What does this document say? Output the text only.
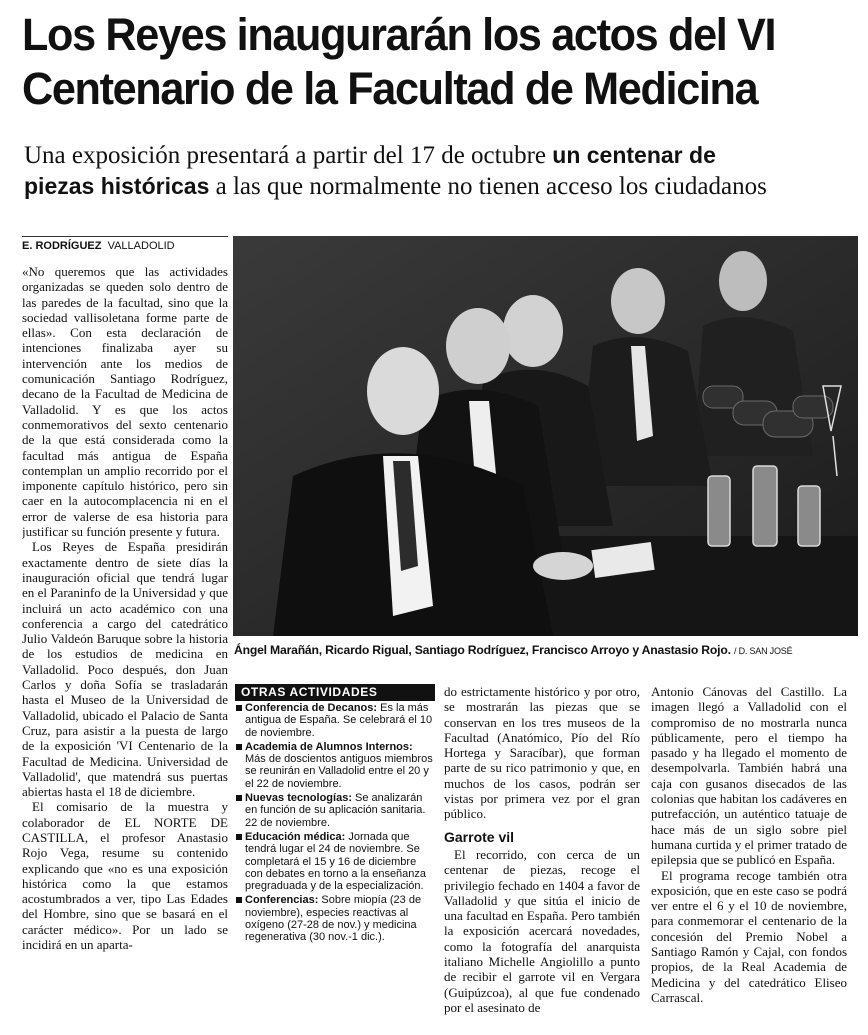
Los Reyes inaugurarán los actos del VI
Centenario de la Facultad de Medicina
Una exposición presentará a partir del 17 de octubre un centenar de
piezas históricas a las que normalmente no tienen acceso los ciudadanos
E. RODRÍGUEZ VALLADOLID

«No queremos que las actividades organizadas se queden solo dentro de las paredes de la facultad, sino que la sociedad vallisoletana forme parte de ellas». Con esta declaración de intenciones finalizaba ayer su intervención ante los medios de comunicación Santiago Rodríguez, decano de la Facultad de Medicina de Valladolid. Y es que los actos conmemorativos del sexto centenario de la que está considerada como la facultad más antigua de España contemplan un amplio recorrido por el imponente capítulo histórico, pero sin caer en la autocomplacencia ni en el error de valerse de esa historia para justificar su función presente y futura.

Los Reyes de España presidirán exactamente dentro de siete días la inauguración oficial que tendrá lugar en el Paraninfo de la Universidad y que incluirá un acto académico con una conferencia a cargo del catedrático Julio Valdeón Baruque sobre la historia de los estudios de medicina en Valladolid. Poco después, don Juan Carlos y doña Sofía se trasladarán hasta el Museo de la Universidad de Valladolid, ubicado el Palacio de Santa Cruz, para asistir a la puesta de largo de la exposición 'VI Centenario de la Facultad de Medicina. Universidad de Valladolid', que matendrá sus puertas abiertas hasta el 18 de diciembre.

El comisario de la muestra y colaborador de EL NORTE DE CASTILLA, el profesor Anastasio Rojo Vega, resume su contenido explicando que «no es una exposición histórica como la que estamos acostumbrados a ver, tipo Las Edades del Hombre, sino que se basará en el carácter médico». Por un lado se incidirá en un aparta-

Ángel Marañán, Ricardo Rigual, Santiago Rodríguez, Francisco Arroyo y Anastasio Rojo. / D. SAN JOSÉ
OTRAS ACTIVIDADES
Conferencia de Decanos: Es la más antigua de España. Se celebrará el 10 de noviembre.
Academia de Alumnos Internos: Más de doscientos antiguos miembros se reunirán en Valladolid entre el 20 y el 22 de noviembre.
Nuevas tecnologías: Se analizarán en función de su aplicación sanitaria. 22 de noviembre.
Educación médica: Jornada que tendrá lugar el 24 de noviembre. Se completará el 15 y 16 de diciembre con debates en torno a la enseñanza pregraduada y de la especialización.
Conferencias: Sobre miopía (23 de noviembre), especies reactivas al oxígeno (27-28 de nov.) y medicina regenerativa (30 nov.-1 dic.).

do estrictamente histórico y por otro, se mostrarán las piezas que se conservan en los tres museos de la Facultad (Anatómico, Pío del Río Hortega y Saracíbar), que forman parte de su rico patrimonio y que, en muchos de los casos, podrán ser vistas por primera vez por el gran público.

Garrote vil

El recorrido, con cerca de un centenar de piezas, recoge el privilegio fechado en 1404 a favor de Valladolid y que sitúa el inicio de una facultad en España. Pero también la exposición acercará novedades, como la fotografía del anarquista italiano Michelle Angiolillo a punto de recibir el garrote vil en Vergara (Guipúzcoa), al que fue condenado por el asesinato de

Antonio Cánovas del Castillo. La imagen llegó a Valladolid con el compromiso de no mostrarla nunca públicamente, pero el tiempo ha pasado y ha llegado el momento de desempolvarla. También habrá una caja con gusanos disecados de las colonias que habitan los cadáveres en putrefacción, un auténtico tatuaje de hace más de un siglo sobre piel humana curtida y el primer tratado de epilepsia que se publicó en España.

El programa recoge también otra exposición, que en este caso se podrá ver entre el 6 y el 10 de noviembre, para conmemorar el centenario de la concesión del Premio Nobel a Santiago Ramón y Cajal, con fondos propios, de la Real Academia de Medicina y del catedrático Eliseo Carrascal.
